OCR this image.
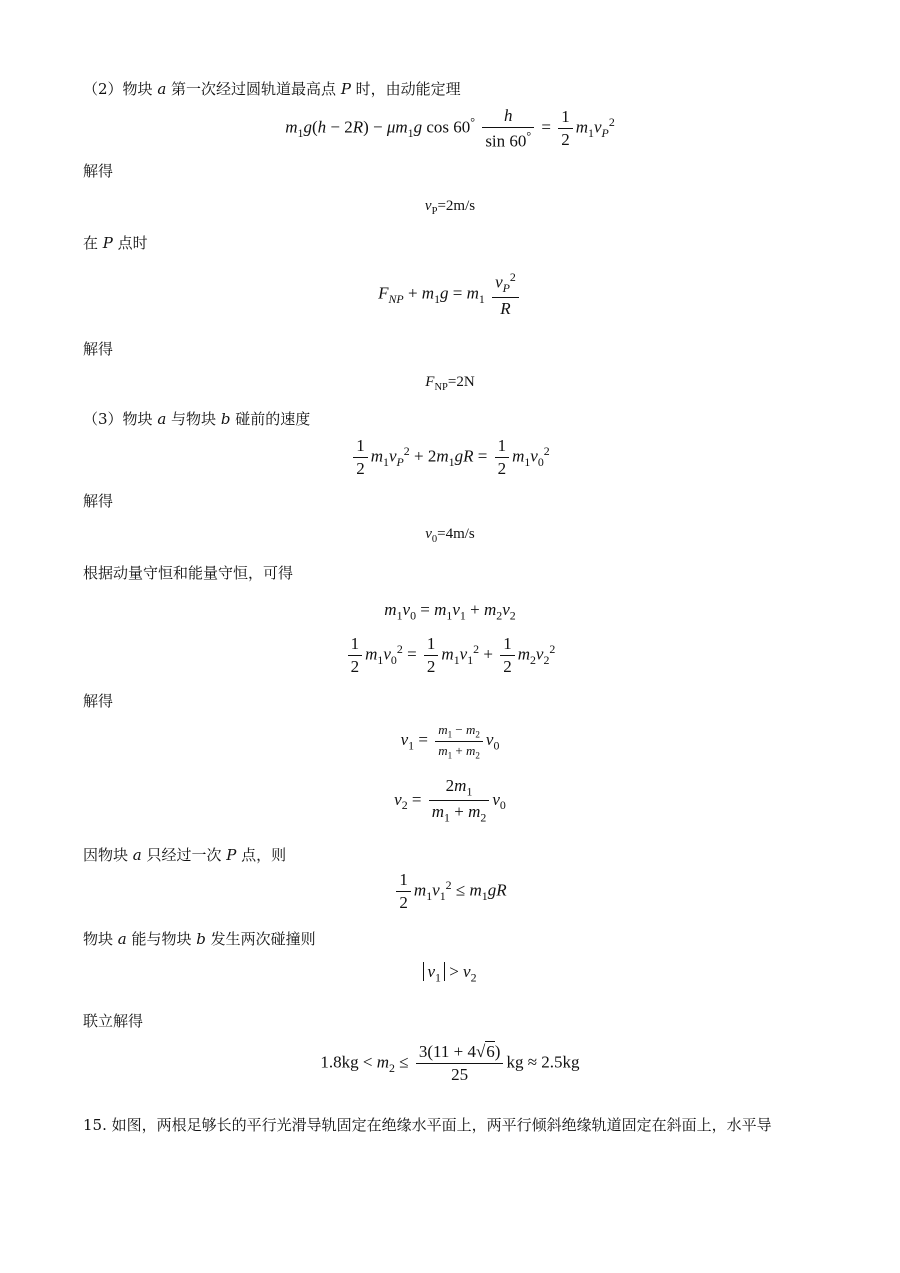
（2）物块 a 第一次经过圆轨道最高点 P 时，由动能定理
$m_1g(h - 2R) - \mu m_1g$ $\cos 60^\circ \frac{h}{\sin 60^\circ} = \frac{1}{2} m_1v_P^2$
解得
$v_P=2m/s$
在 P 点时
$F_{NP} + m_1g = m_1 \frac{v_P^2}{R}$
解得
$F_{NP}=2N$
（3）物块 a 与物块 b 碰前的速度
$\frac{1}{2} m_1v_P^2 + 2m_1gR = \frac{1}{2} m_1v_0^2$
解得
$v_0=4m/s$
根据动量守恒和能量守恒，可得
$m_1v_0 = m_1v_1 + m_2v_2$
$\frac{1}{2} m_1v_0^2 = \frac{1}{2} m_1v_1^2 + \frac{1}{2} m_2v_2^2$
解得
$v_1 = \frac{m_1 - m_2}{m_1 + m_2} v_0$
$v_2 = \frac{2m_1}{m_1 + m_2} v_0$
因物块 a 只经过一次 P 点，则
$\frac{1}{2} m_1v_1^2 \le m_1gR$
物块 a 能与物块 b 发生两次碰撞则
$v_1 > v_2$
联立解得
$1.8kg < m_2 \le \frac{3(11 + 4√6)}{25}$ kg ≈ 2.5kg
15. 如图，两根足够长的平行光滑导轨固定在绝缘水平面上，两平行倾斜绝缘轨道固定在斜面上，水平导
